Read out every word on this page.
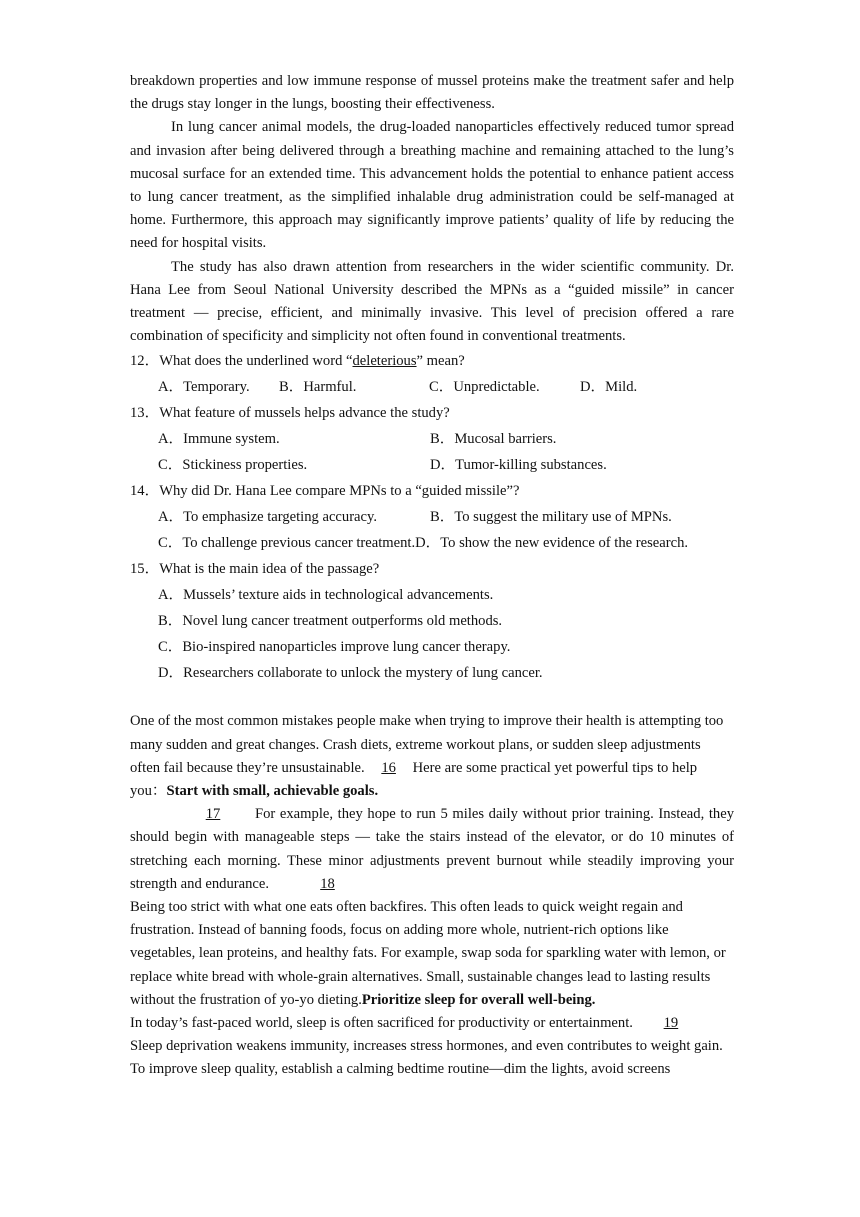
breakdown properties and low immune response of mussel proteins make the treatment safer and help the drugs stay longer in the lungs, boosting their effectiveness.

In lung cancer animal models, the drug-loaded nanoparticles effectively reduced tumor spread and invasion after being delivered through a breathing machine and remaining attached to the lung’s mucosal surface for an extended time. This advancement holds the potential to enhance patient access to lung cancer treatment, as the simplified inhalable drug administration could be self-managed at home. Furthermore, this approach may significantly improve patients’ quality of life by reducing the need for hospital visits.

The study has also drawn attention from researchers in the wider scientific community. Dr. Hana Lee from Seoul National University described the MPNs as a “guided missile” in cancer treatment — precise, efficient, and minimally invasive. This level of precision offered a rare combination of specificity and simplicity not often found in conventional treatments.

12．What does the underlined word “deleterious” mean?

A．Temporary. B．Harmful.	C．Unpredictable.	D．Mild.

13．What feature of mussels helps advance the study?

A．Immune system.	B．Mucosal barriers.

C．Stickiness properties.	D．Tumor-killing substances.

14．Why did Dr. Hana Lee compare MPNs to a “guided missile”?

A．To emphasize targeting accuracy.	B．To suggest the military use of MPNs.

C．To challenge previous cancer treatment.D．To show the new evidence of the research.

15．What is the main idea of the passage?

A．Mussels’ texture aids in technological advancements.

B．Novel lung cancer treatment outperforms old methods.

C．Bio-inspired nanoparticles improve lung cancer therapy.

D．Researchers collaborate to unlock the mystery of lung cancer.

One of the most common mistakes people make when trying to improve their health is attempting too many sudden and great changes. Crash diets, extreme workout plans, or sudden sleep adjustments often fail because they’re unsustainable. 16 Here are some practical yet powerful tips to help you：Start with small, achievable goals.

17 For example, they hope to run 5 miles daily without prior training. Instead, they should begin with manageable steps — take the stairs instead of the elevator, or do 10 minutes of stretching each morning. These minor adjustments prevent burnout while steadily improving your strength and endurance.	18

Being too strict with what one eats often backfires. This often leads to quick weight regain and frustration. Instead of banning foods, focus on adding more whole, nutrient-rich options like vegetables, lean proteins, and healthy fats. For example, swap soda for sparkling water with lemon, or replace white bread with whole-grain alternatives. Small, sustainable changes lead to lasting results without the frustration of yo-yo dieting.Prioritize sleep for overall well-being.

In today’s fast-paced world, sleep is often sacrificed for productivity or entertainment. 19 Sleep deprivation weakens immunity, increases stress hormones, and even contributes to weight gain. To improve sleep quality, establish a calming bedtime routine—dim the lights, avoid screens
